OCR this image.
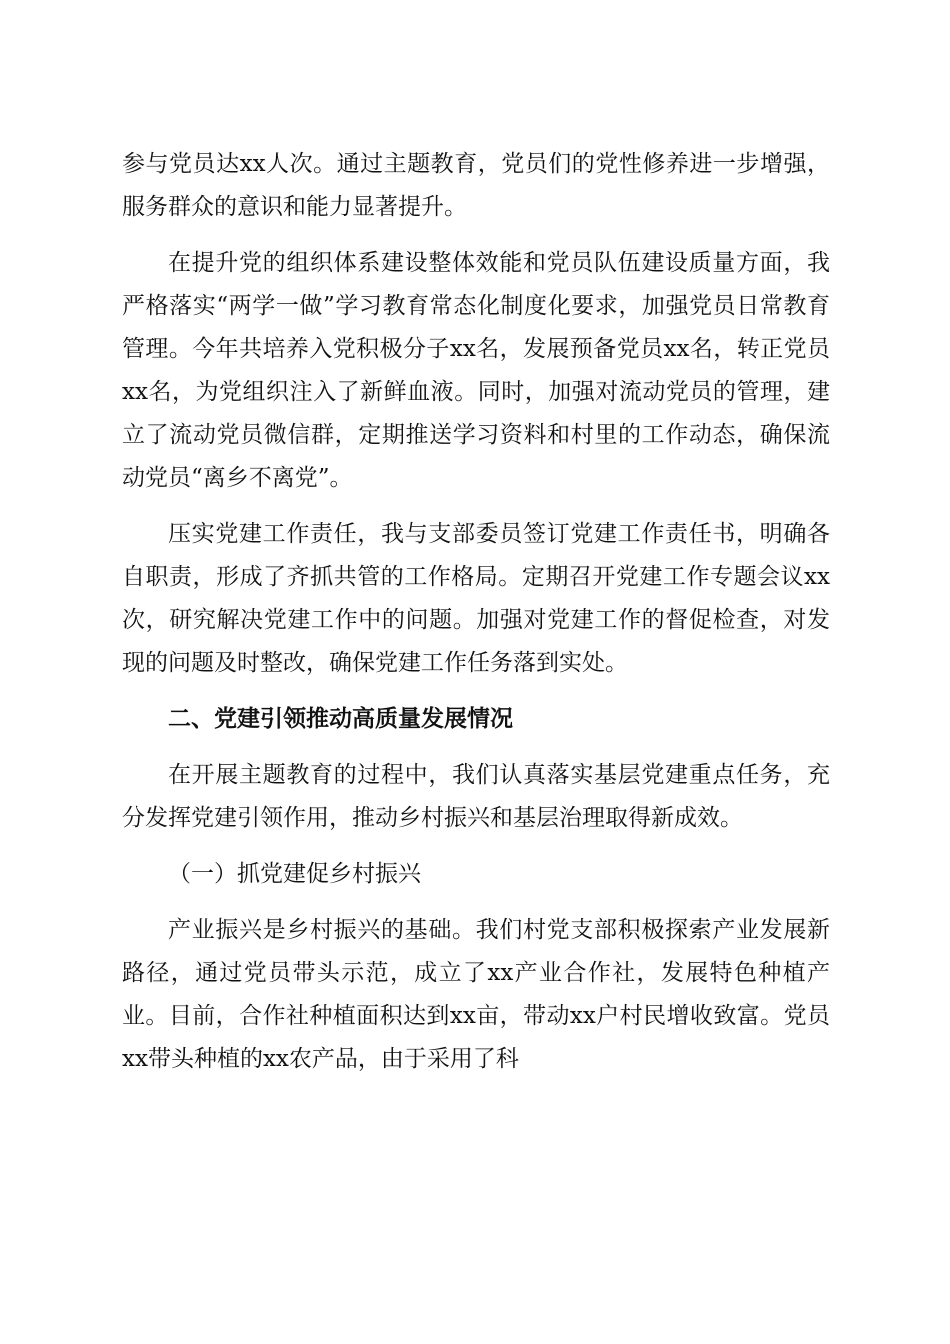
参与党员达xx人次。通过主题教育，党员们的党性修养进一步增强，服务群众的意识和能力显著提升。

在提升党的组织体系建设整体效能和党员队伍建设质量方面，我严格落实“两学一做”学习教育常态化制度化要求，加强党员日常教育管理。今年共培养入党积极分子xx名，发展预备党员xx名，转正党员xx名，为党组织注入了新鲜血液。同时，加强对流动党员的管理，建立了流动党员微信群，定期推送学习资料和村里的工作动态，确保流动党员“离乡不离党”。

压实党建工作责任，我与支部委员签订党建工作责任书，明确各自职责，形成了齐抓共管的工作格局。定期召开党建工作专题会议xx次，研究解决党建工作中的问题。加强对党建工作的督促检查，对发现的问题及时整改，确保党建工作任务落到实处。

二、党建引领推动高质量发展情况

在开展主题教育的过程中，我们认真落实基层党建重点任务，充分发挥党建引领作用，推动乡村振兴和基层治理取得新成效。

（一）抓党建促乡村振兴

产业振兴是乡村振兴的基础。我们村党支部积极探索产业发展新路径，通过党员带头示范，成立了xx产业合作社，发展特色种植产业。目前，合作社种植面积达到xx亩，带动xx户村民增收致富。党员xx带头种植的xx农产品，由于采用了科
